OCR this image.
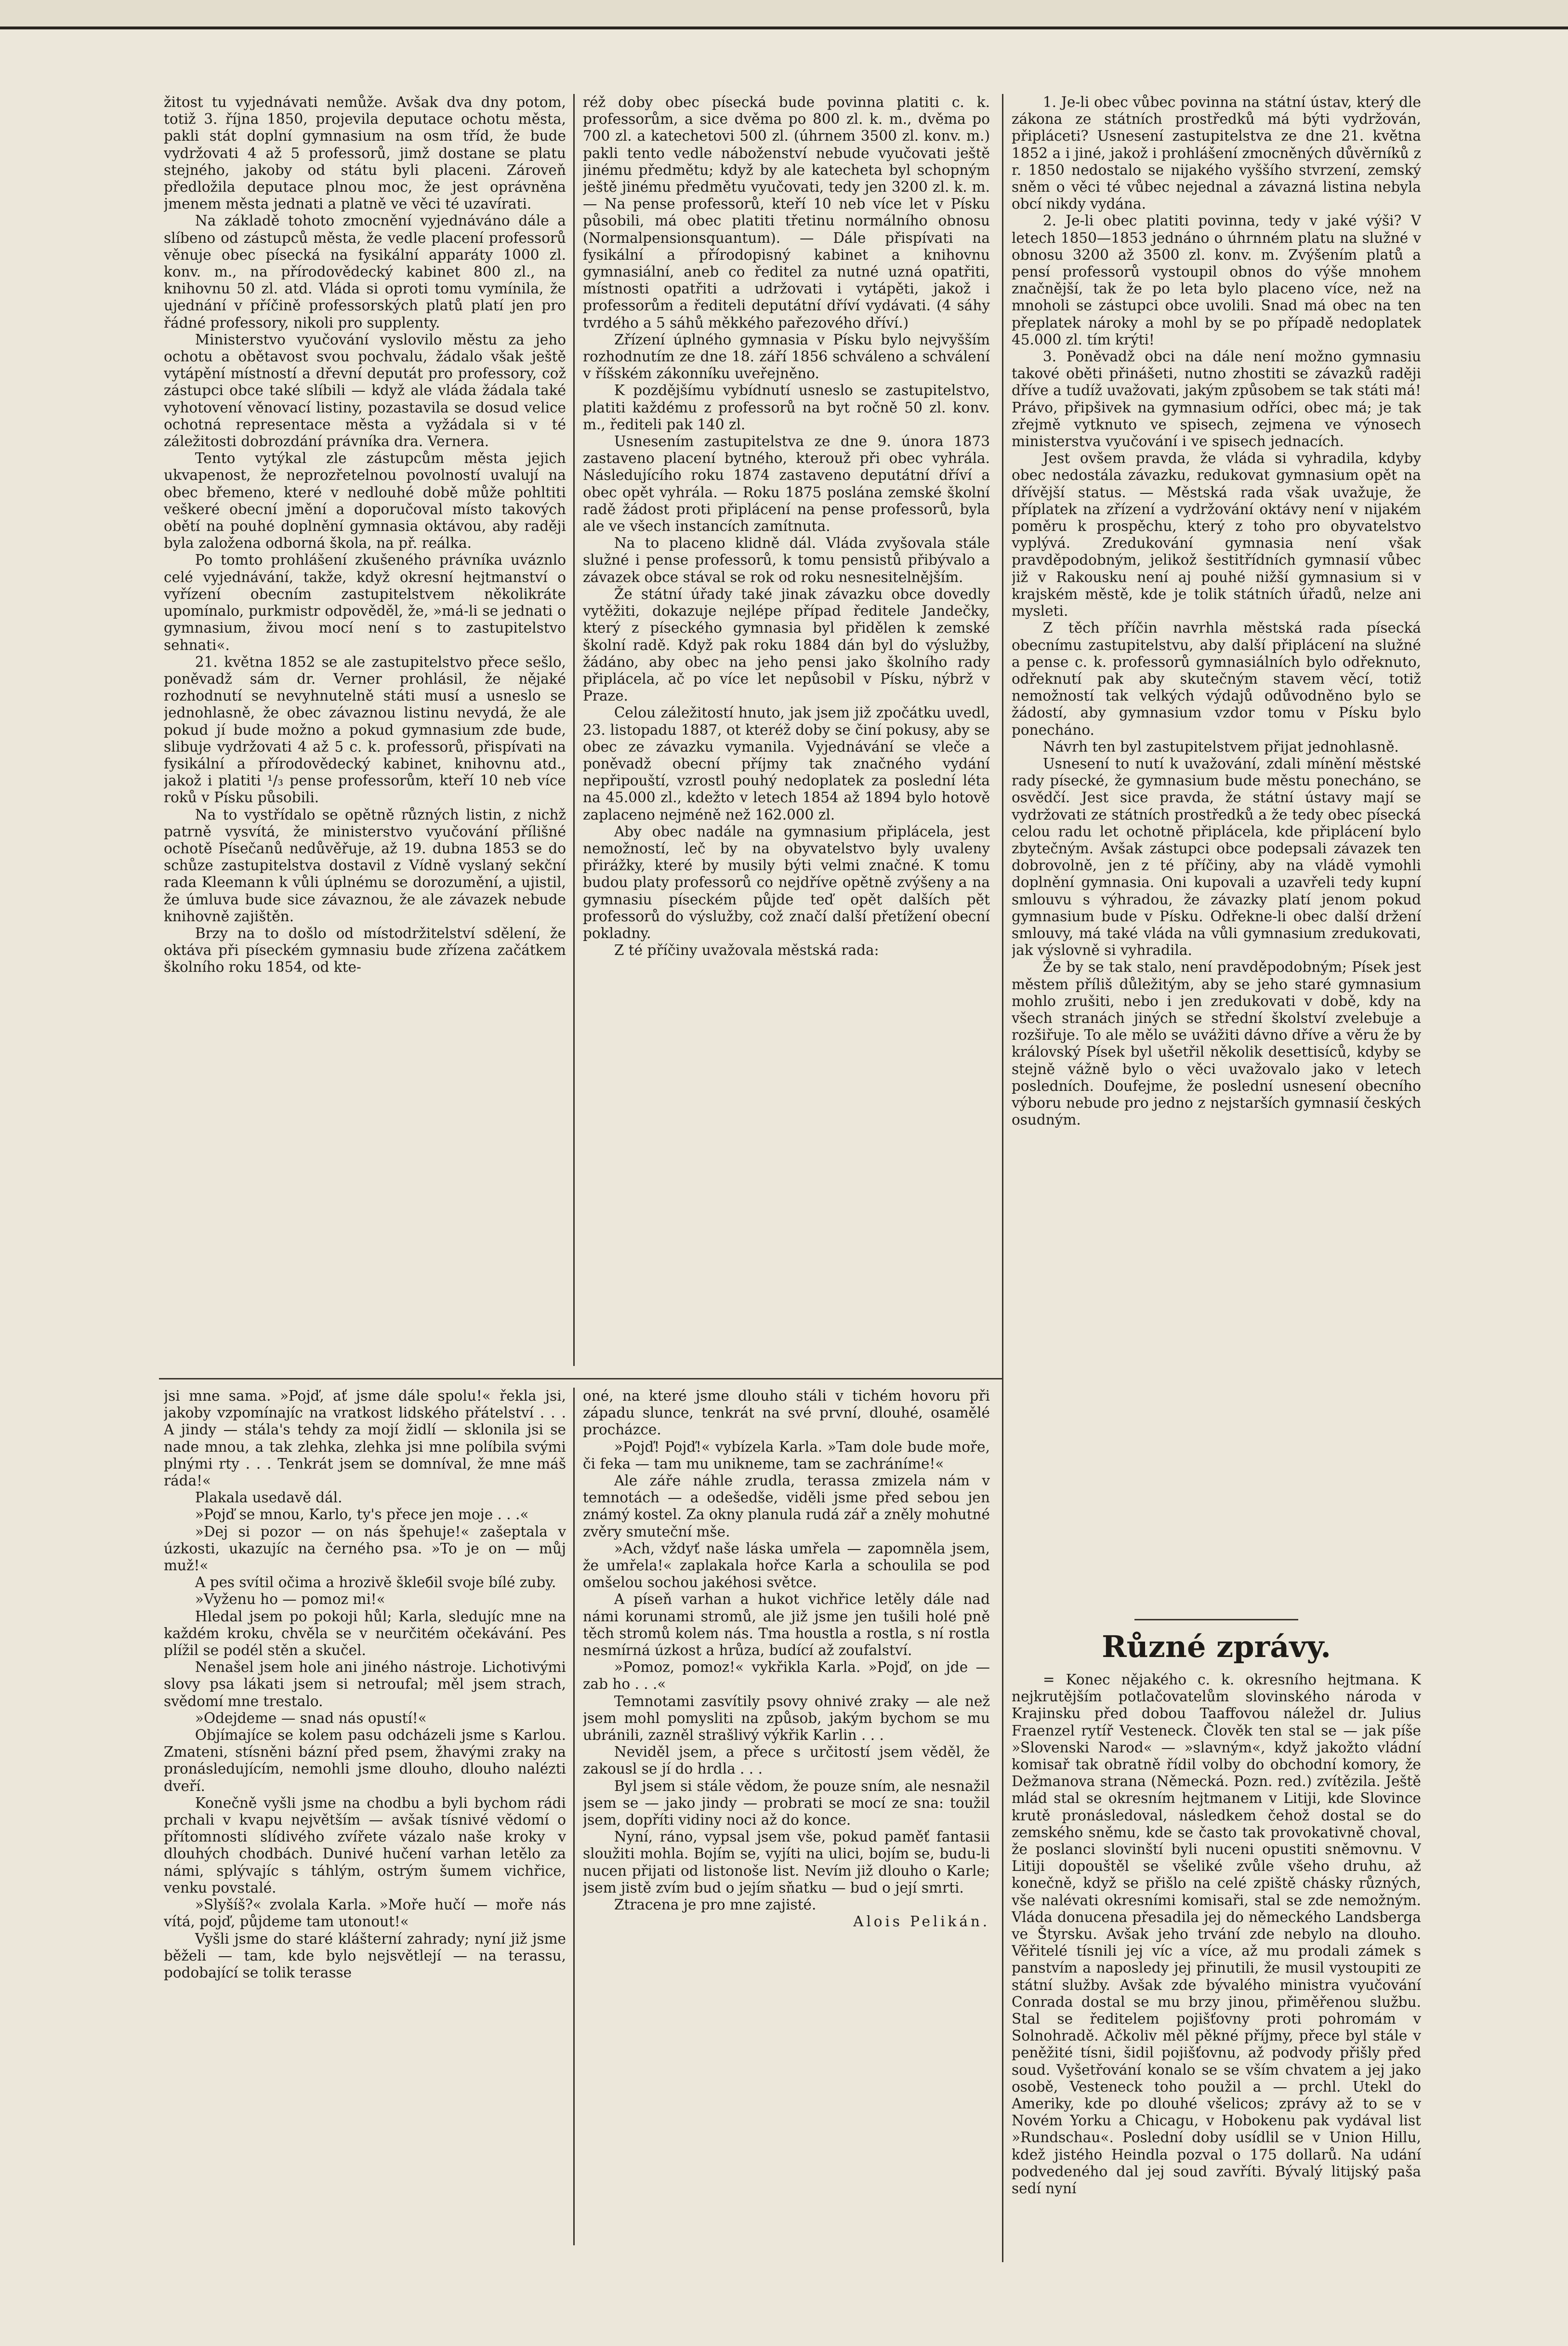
žitost tu vyjednávati nemůže. Avšak dva dny potom, totiž 3. října 1850, projevila deputace ochotu města, pakli stát doplní gymnasium na osm tříd, že bude vydržovati 4 až 5 professorů, jimž dostane se platu stejného, jakoby od státu byli placeni. Zároveň předložila deputace plnou moc, že jest oprávněna jmenem města jednati a platně ve věci té uzavírati.

Na základě tohoto zmocnění vyjednáváno dále a slíbeno od zástupců města, že vedle placení professorů věnuje obec písecká na fysikální apparáty 1000 zl. konv. m., na přírodovědecký kabinet 800 zl., na knihovnu 50 zl. atd. Vláda si oproti tomu vymínila, že ujednání v příčině professorských platů platí jen pro řádné professory, nikoli pro supplenty.

Ministerstvo vyučování vyslovilo městu za jeho ochotu a obětavost svou pochvalu, žádalo však ještě vytápění místností a dřevní deputát pro professory, což zástupci obce také slíbili — když ale vláda žádala také vyhotovení věnovací listiny, pozastavila se dosud velice ochotná representace města a vyžádala si v té záležitosti dobrozdání právníka dra. Vernera.

Tento vytýkal zle zástupcům města jejich ukvapenost, že neprozřetelnou povolností uvalují na obec břemeno, které v nedlouhé době může pohltiti veškeré obecní jmění a doporučoval místo takových obětí na pouhé doplnění gymnasia oktávou, aby raději byla založena odborná škola, na př. reálka.

Po tomto prohlášení zkušeného právníka uváznlo celé vyjednávání, takže, když okresní hejtmanství o vyřízení obecním zastupitelstvem několikráte upomínalo, purkmistr odpověděl, že, »má-li se jednati o gymnasium, živou mocí není s to zastupitelstvo sehnati«.

21. května 1852 se ale zastupitelstvo přece sešlo, poněvadž sám dr. Verner prohlásil, že nějaké rozhodnutí se nevyhnutelně státi musí a usneslo se jednohlasně, že obec závaznou listinu nevydá, že ale pokud jí bude možno a pokud gymnasium zde bude, slibuje vydržovati 4 až 5 c. k. professorů, přispívati na fysikální a přírodovědecký kabinet, knihovnu atd., jakož i platiti ¹/₃ pense professorům, kteří 10 neb více roků v Písku působili.

Na to vystřídalo se opětně různých listin, z nichž patrně vysvítá, že ministerstvo vyučování přílišné ochotě Písečanů nedůvěřuje, až 19. dubna 1853 se do schůze zastupitelstva dostavil z Vídně vyslaný sekční rada Kleemann k vůli úplnému se dorozumění, a ujistil, že úmluva bude sice závaznou, že ale závazek nebude knihovně zajištěn.

Brzy na to došlo od místodržitelství sdělení, že oktáva při píseckém gymnasiu bude zřízena začátkem školního roku 1854, od kte-

réž doby obec písecká bude povinna platiti c. k. professorům, a sice dvěma po 800 zl. k. m., dvěma po 700 zl. a katechetovi 500 zl. (úhrnem 3500 zl. konv. m.) pakli tento vedle náboženství nebude vyučovati ještě jinému předmětu; když by ale katecheta byl schopným ještě jinému předmětu vyučovati, tedy jen 3200 zl. k. m. — Na pense professorů, kteří 10 neb více let v Písku působili, má obec platiti třetinu normálního obnosu (Normalpensionsquantum). — Dále přispívati na fysikální a přírodopisný kabinet a knihovnu gymnasiální, aneb co ředitel za nutné uzná opatřiti, místnosti opatřiti a udržovati i vytápěti, jakož i professorům a řediteli deputátní dříví vydávati. (4 sáhy tvrdého a 5 sáhů měkkého pařezového dříví.)

Zřízení úplného gymnasia v Písku bylo nejvyšším rozhodnutím ze dne 18. září 1856 schváleno a schválení v říšském zákonníku uveřejněno.

K pozdějšímu vybídnutí usneslo se zastupitelstvo, platiti každému z professorů na byt ročně 50 zl. konv. m., řediteli pak 140 zl.

Usnesením zastupitelstva ze dne 9. února 1873 zastaveno placení bytného, kterouž při obec vyhrála. Následujícího roku 1874 zastaveno deputátní dříví a obec opět vyhrála. — Roku 1875 poslána zemské školní radě žádost proti připlácení na pense professorů, byla ale ve všech instancích zamítnuta.

Na to placeno klidně dál. Vláda zvyšovala stále služné i pense professorů, k tomu pensistů přibývalo a závazek obce stával se rok od roku nesnesitelnějším.

Že státní úřady také jinak závazku obce dovedly vytěžiti, dokazuje nejlépe případ ředitele Jandečky, který z píseckého gymnasia byl přidělen k zemské školní radě. Když pak roku 1884 dán byl do výslužby, žádáno, aby obec na jeho pensi jako školního rady připlácela, ač po více let nepůsobil v Písku, nýbrž v Praze.

Celou záležitostí hnuto, jak jsem již zpočátku uvedl, 23. listopadu 1887, ot kteréž doby se činí pokusy, aby se obec ze závazku vymanila. Vyjednávání se vleče a poněvadž obecní příjmy tak značného vydání nepřipouští, vzrostl pouhý nedoplatek za poslední léta na 45.000 zl., kdežto v letech 1854 až 1894 bylo hotově zaplaceno nejméně než 162.000 zl.

Aby obec nadále na gymnasium připlácela, jest nemožností, leč by na obyvatelstvo byly uvaleny přirážky, které by musily býti velmi značné. K tomu budou platy professorů co nejdříve opětně zvýšeny a na gymnasiu píseckém půjde teď opět dalších pět professorů do výslužby, což značí další přetížení obecní pokladny.

Z té příčiny uvažovala městská rada:

1. Je-li obec vůbec povinna na státní ústav, který dle zákona ze státních prostředků má býti vydržován, připláceti? Usnesení zastupitelstva ze dne 21. května 1852 a i jiné, jakož i prohlášení zmocněných důvěrníků z r. 1850 nedostalo se nijakého vyššího stvrzení, zemský sněm o věci té vůbec nejednal a závazná listina nebyla obcí nikdy vydána.

2. Je-li obec platiti povinna, tedy v jaké výši? V letech 1850—1853 jednáno o úhrnném platu na služné v obnosu 3200 až 3500 zl. konv. m. Zvýšením platů a pensí professorů vystoupil obnos do výše mnohem značnější, tak že po leta bylo placeno více, než na mnoholi se zástupci obce uvolili. Snad má obec na ten přeplatek nároky a mohl by se po případě nedoplatek 45.000 zl. tím krýti!

3. Poněvadž obci na dále není možno gymnasiu takové oběti přinášeti, nutno zhostiti se závazků raději dříve a tudíž uvažovati, jakým způsobem se tak státi má! Právo, připšivek na gymnasium odříci, obec má; je tak zřejmě vytknuto ve spisech, zejmena ve výnosech ministerstva vyučování i ve spisech jednacích.

Jest ovšem pravda, že vláda si vyhradila, kdyby obec nedostála závazku, redukovat gymnasium opět na dřívější status. — Městská rada však uvažuje, že příplatek na zřízení a vydržování oktávy není v nijakém poměru k prospěchu, který z toho pro obyvatelstvo vyplývá. Zredukování gymnasia není však pravděpodobným, jelikož šestitřídních gymnasií vůbec již v Rakousku není aj pouhé nižší gymnasium si v krajském městě, kde je tolik státních úřadů, nelze ani mysleti.

Z těch příčin navrhla městská rada písecká obecnímu zastupitelstvu, aby další připlácení na služné a pense c. k. professorů gymnasiálních bylo odřeknuto, odřeknutí pak aby skutečným stavem věcí, totiž nemožností tak velkých výdajů odůvodněno bylo se žádostí, aby gymnasium vzdor tomu v Písku bylo ponecháno.

Návrh ten byl zastupitelstvem přijat jednohlasně.

Usnesení to nutí k uvažování, zdali mínění městské rady písecké, že gymnasium bude městu ponecháno, se osvědčí. Jest sice pravda, že státní ústavy mají se vydržovati ze státních prostředků a že tedy obec písecká celou radu let ochotně připlácela, kde připlácení bylo zbytečným. Avšak zástupci obce podepsali závazek ten dobrovolně, jen z té příčiny, aby na vládě vymohli doplnění gymnasia. Oni kupovali a uzavřeli tedy kupní smlouvu s výhradou, že závazky platí jenom pokud gymnasium bude v Písku. Odřekne-li obec další držení smlouvy, má také vláda na vůli gymnasium zredukovati, jak výslovně si vyhradila.

Že by se tak stalo, není pravděpodobným; Písek jest městem příliš důležitým, aby se jeho staré gymnasium mohlo zrušiti, nebo i jen zredukovati v době, kdy na všech stranách jiných se střední školství zvelebuje a rozšiřuje. To ale mělo se uvážiti dávno dříve a věru že by královský Písek byl ušetřil několik desettisíců, kdyby se stejně vážně bylo o věci uvažovalo jako v letech posledních. Doufejme, že poslední usnesení obecního výboru nebude pro jedno z nejstarších gymnasií českých osudným.

jsi mne sama. »Pojď, ať jsme dále spolu!« řekla jsi, jakoby vzpomínajíc na vratkost lidského přátelství . . . A jindy — stála's tehdy za mojí židlí — sklonila jsi se nade mnou, a tak zlehka, zlehka jsi mne políbila svými plnými rty . . . Tenkrát jsem se domníval, že mne máš ráda!«

Plakala usedavě dál.

»Pojď se mnou, Karlo, ty's přece jen moje . . .«

»Dej si pozor — on nás špehuje!« zašeptala v úzkosti, ukazujíc na černého psa. »To je on — můj muž!«

A pes svítil očima a hrozivě škleбil svoje bílé zuby.

»Vyženu ho — pomoz mi!«

Hledal jsem po pokoji hůl; Karla, sledujíc mne na každém kroku, chvěla se v neurčitém očekávání. Pes plížil se podél stěn a skučel.

Nenašel jsem hole ani jiného nástroje. Lichotivými slovy psa lákati jsem si netroufal; měl jsem strach, svědomí mne trestalo.

»Odejdeme — snad nás opustí!«

Objímajíce se kolem pasu odcházeli jsme s Karlou. Zmateni, stísněni bázní před psem, žhavými zraky na pronásledujícím, nemohli jsme dlouho, dlouho nalézti dveří.

Konečně vyšli jsme na chodbu a byli bychom rádi prchali v kvapu největším — avšak tísnivé vědomí o přítomnosti slídivého zvířete vázalo naše kroky v dlouhých chodbách. Dunivé hučení varhan letělo za námi, splývajíc s táhlým, ostrým šumem vichřice, venku povstalé.

»Slyšíš?« zvolala Karla. »Moře hučí — moře nás vítá, pojď, půjdeme tam utonout!«

Vyšli jsme do staré klášterní zahrady; nyní již jsme běželi — tam, kde bylo nejsvětlejí — na terassu, podobající se tolik terasse

oné, na které jsme dlouho stáli v tichém hovoru při západu slunce, tenkrát na své první, dlouhé, osamělé procházce.

»Pojď! Pojď!« vybízela Karla. »Tam dole bude moře, či feka — tam mu unikneme, tam se zachráníme!«

Ale záře náhle zrudla, terassa zmizela nám v temnotách — a odešedše, viděli jsme před sebou jen známý kostel. Za okny planula rudá zář a zněly mohutné zvěry smuteční mše.

»Ach, vždyť naše láska umřela — zapomněla jsem, že umřela!« zaplakala hořce Karla a schoulila se pod omšelou sochou jakéhosi světce.

A píseň varhan a hukot vichřice letěly dále nad námi korunami stromů, ale již jsme jen tušili holé pně těch stromů kolem nás. Tma houstla a rostla, s ní rostla nesmírná úzkost a hrůza, budící až zoufalství.

»Pomoz, pomoz!« vykřikla Karla. »Pojď, on jde — zab ho . . .«

Temnotami zasvítily psovy ohnivé zraky — ale než jsem mohl pomysliti na způsob, jakým bychom se mu ubránili, zazněl strašlivý výkřik Karlin . . .

Neviděl jsem, a přece s určitostí jsem věděl, že zakousl se jí do hrdla . . .

Byl jsem si stále vědom, že pouze sním, ale nesnažil jsem se — jako jindy — probrati se mocí ze sna: toužil jsem, dopříti vidiny noci až do konce.

Nyní, ráno, vypsal jsem vše, pokud paměť fantasii sloužiti mohla. Bojím se, vyjíti na ulici, bojím se, budu-li nucen přijati od listonoše list. Nevím již dlouho o Karle; jsem jistě zvím bud o jejím sňatku — bud o její smrti.

Ztracena je pro mne zajisté.

Alois Pelikán.

Různé zprávy.

= Konec nějakého c. k. okresního hejtmana. K nejkrutějším potlačovatelům slovinského národa v Krajinsku před dobou Taaffovou náležel dr. Julius Fraenzel rytíř Vesteneck. Člověk ten stal se — jak píše »Slovenski Narod« — »slavným«, když jakožto vládní komisař tak obratně řídil volby do obchodní komory, že Dežmanova strana (Německá. Pozn. red.) zvítězila. Ještě mlád stal se okresním hejtmanem v Litiji, kde Slovince krutě pronásledoval, následkem čehož dostal se do zemského sněmu, kde se často tak provokativně choval, že poslanci slovinští byli nuceni opustiti sněmovnu. V Litiji dopouštěl se všeliké zvůle všeho druhu, až konečně, když se přišlo na celé zpiště chásky různých, vše nalévati okresními komisaři, stal se zde nemožným. Vláda donucena přesadila jej do německého Landsberga ve Štyrsku. Avšak jeho trvání zde nebylo na dlouho. Věřitelé tísnili jej víc a více, až mu prodali zámek s panstvím a naposledy jej přinutili, že musil vystoupiti ze státní služby. Avšak zde bývalého ministra vyučování Conrada dostal se mu brzy jinou, přiměřenou službu. Stal se ředitelem pojišťovny proti pohromám v Solnohradě. Ačkoliv měl pěkné příjmy, přece byl stále v peněžité tísni, šidil pojišťovnu, až podvody přišly před soud. Vyšetřování konalo se se vším chvatem a jej jako osobě, Vesteneck toho použil a — prchl. Utekl do Ameriky, kde po dlouhé všelicos; zprávy až to se v Novém Yorku a Chicagu, v Hobokenu pak vydával list »Rundschau«. Poslední doby usídlil se v Union Hillu, kdež jistého Heindla pozval o 175 dollarů. Na udání podvedeného dal jej soud zavříti. Bývalý litijský paša sedí nyní
